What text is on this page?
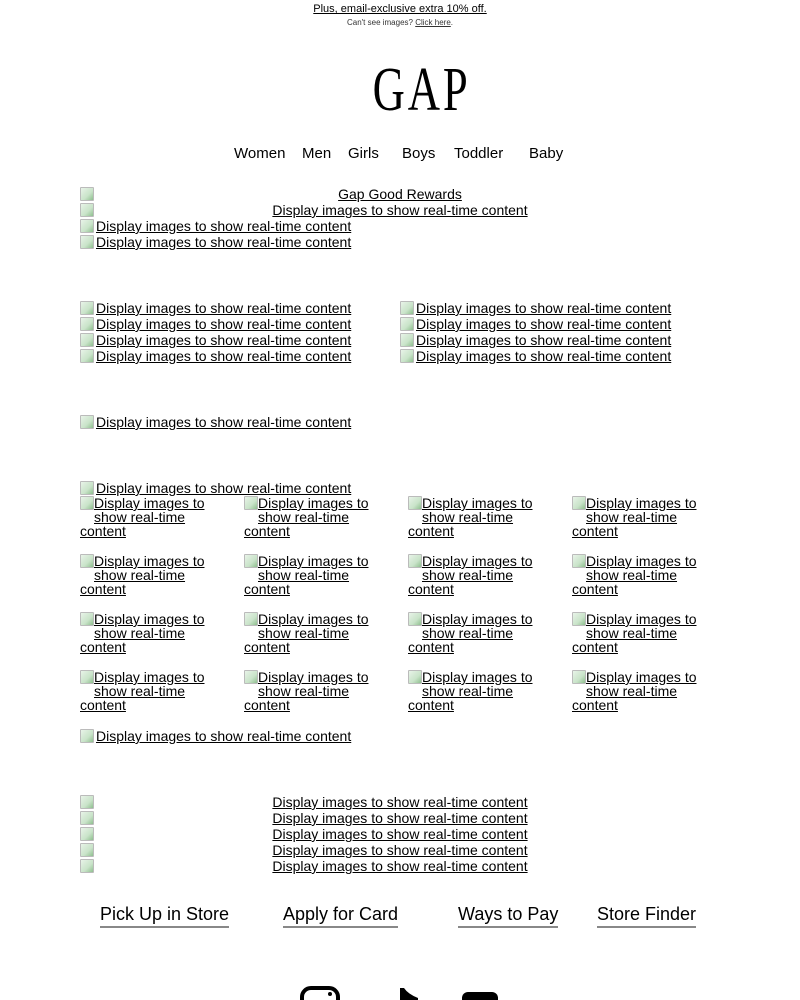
Plus, email-exclusive extra 10% off.
Can't see images? Click here.
GAP
Women Men Girls Boys Toddler Baby
Gap Good Rewards
Display images to show real-time content
Display images to show real-time content
Display images to show real-time content
Display images to show real-time content
Display images to show real-time content
Display images to show real-time content
Display images to show real-time content
Display images to show real-time content
Display images to show real-time content
Display images to show real-time content
Display images to show real-time content
Display images to show real-time content
Display images to show real-time content
Display images to
show real-time
content
Display images to
show real-time
content
Display images to
show real-time
content
Display images to
show real-time
content
Display images to
show real-time
content
Display images to
show real-time
content
Display images to
show real-time
content
Display images to
show real-time
content
Display images to
show real-time
content
Display images to
show real-time
content
Display images to
show real-time
content
Display images to
show real-time
content
Display images to
show real-time
content
Display images to
show real-time
content
Display images to
show real-time
content
Display images to
show real-time
content
Display images to show real-time content
Display images to show real-time content
Display images to show real-time content
Display images to show real-time content
Display images to show real-time content
Display images to show real-time content
Pick Up in Store	Apply for Card	Ways to Pay Store Finder
